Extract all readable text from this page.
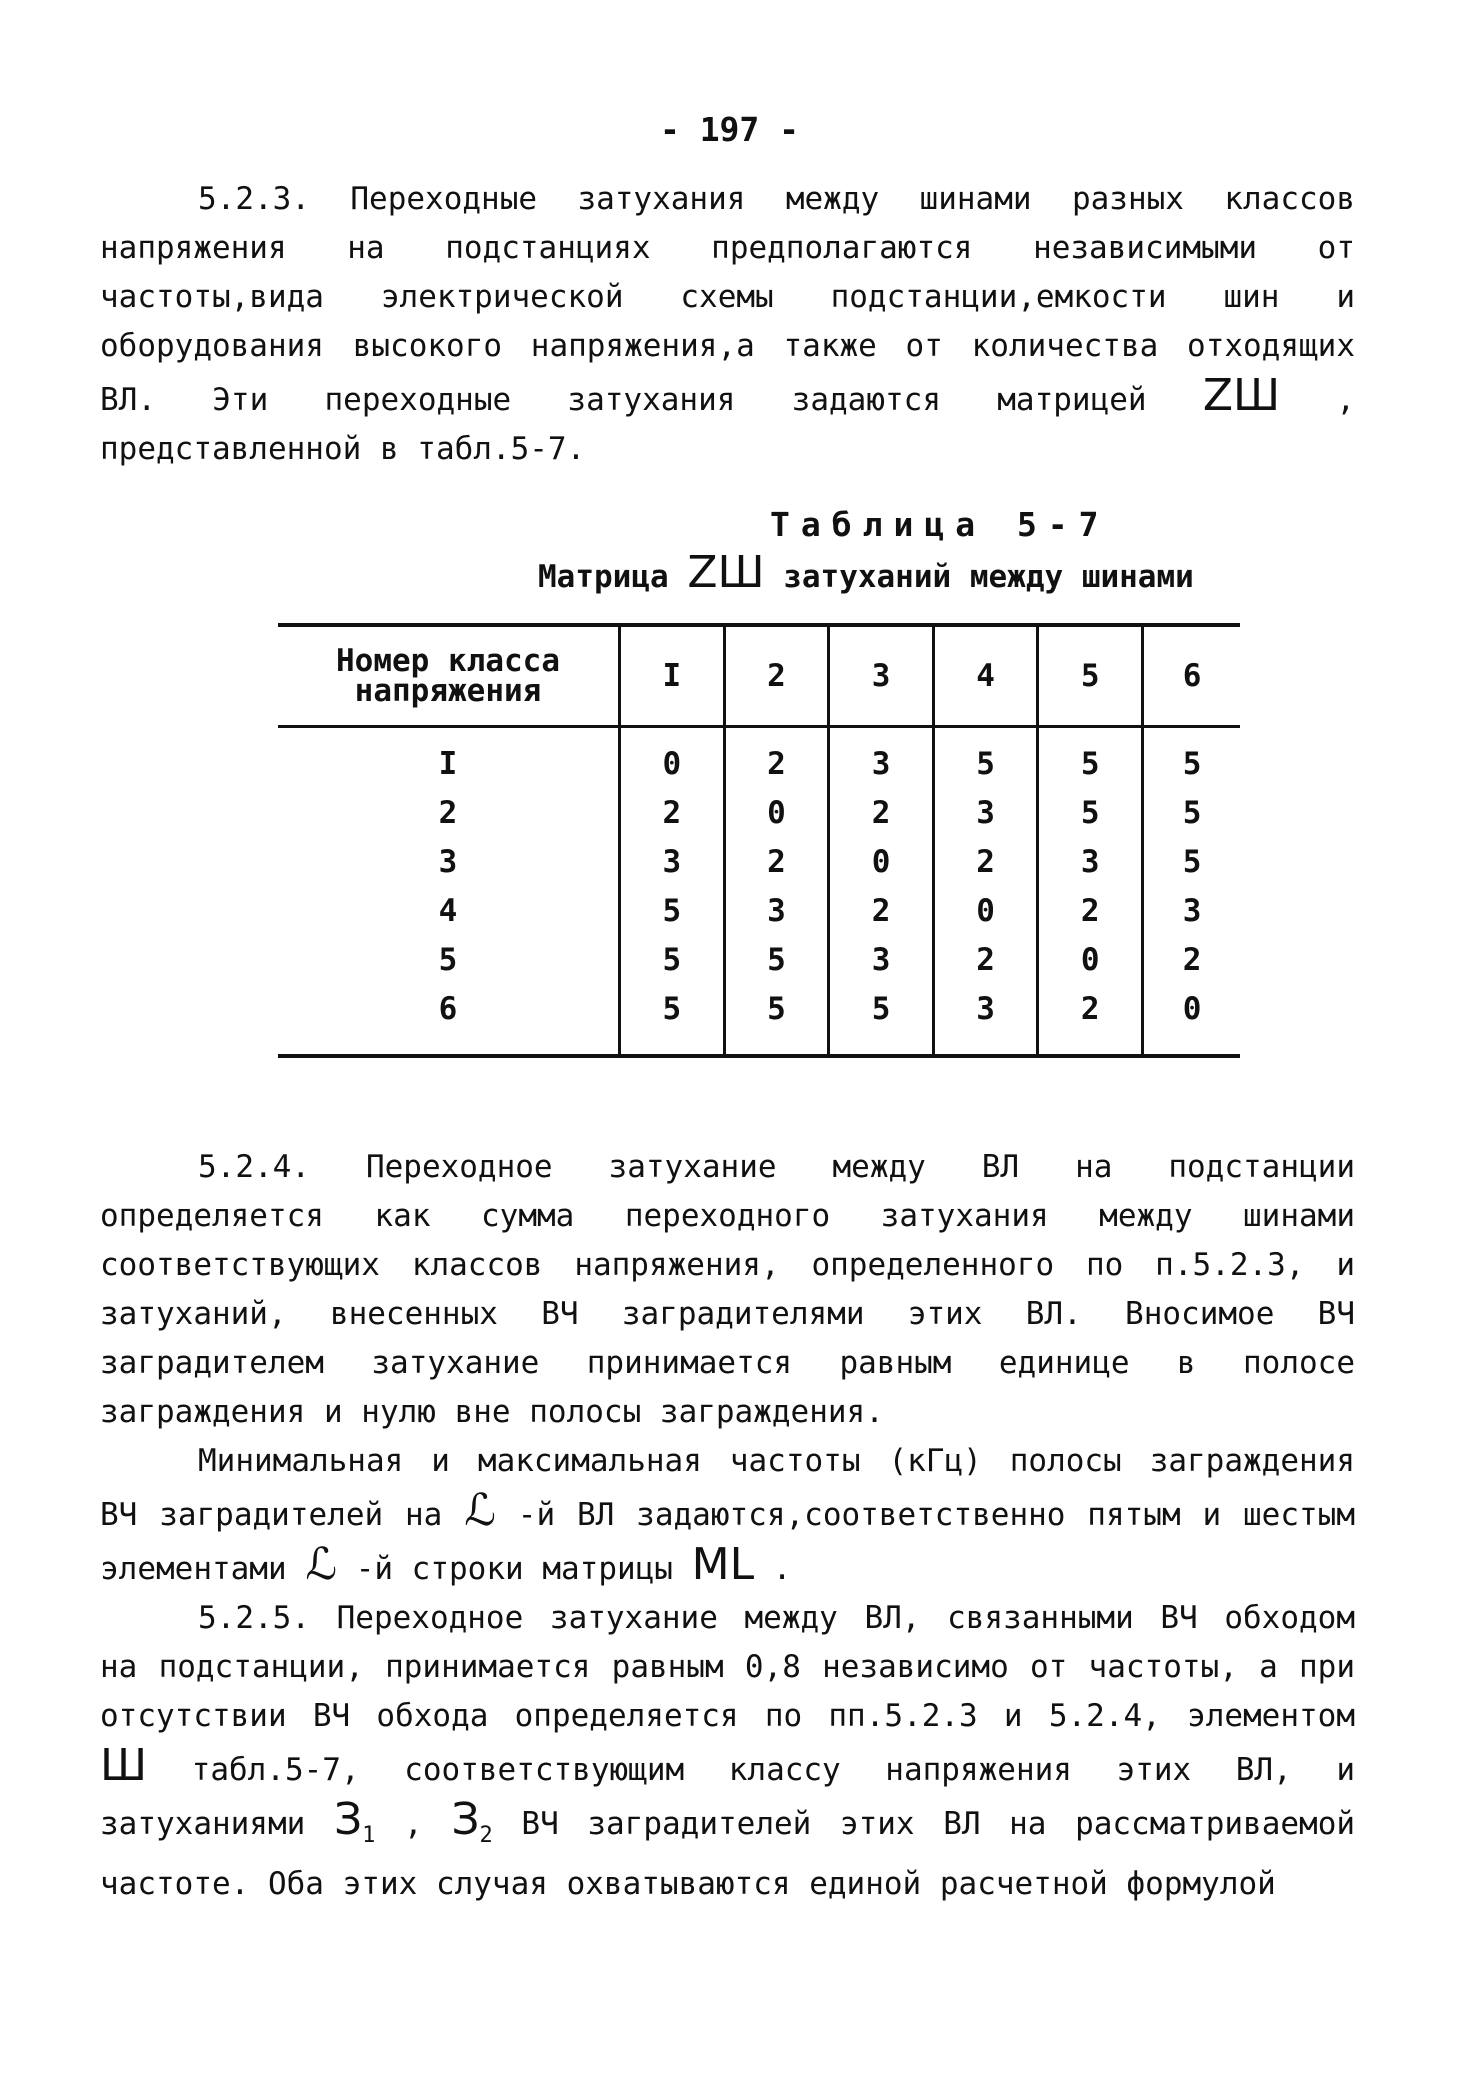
- 197 -

5.2.3. Переходные затухания между шинами разных классов напряжения на подстанциях предполагаются независимыми от частоты,вида электрической схемы подстанции,емкости шин и оборудования высокого напряжения,а также от количества отходящих ВЛ. Эти переходные затухания задаются матрицей ZШ , представленной в табл.5-7.

Таблица 5-7
Матрица ZШ затуханий между шинами
Номер класса напряжения	I	2	3	4	5	6
I	0	2	3	5	5	5
2	2	0	2	3	5	5
3	3	2	0	2	3	5
4	5	3	2	0	2	3
5	5	5	3	2	0	2
6	5	5	5	3	2	0

5.2.4. Переходное затухание между ВЛ на подстанции определяется как сумма переходного затухания между шинами соответствующих классов напряжения, определенного по п.5.2.3, и затуханий, внесенных ВЧ заградителями этих ВЛ. Вносимое ВЧ заградителем затухание принимается равным единице в полосе заграждения и нулю вне полосы заграждения.

Минимальная и максимальная частоты (кГц) полосы заграждения ВЧ заградителей на ℒ -й ВЛ задаются,соответственно пятым и шестым элементами ℒ -й строки матрицы ML .

5.2.5. Переходное затухание между ВЛ, связанными ВЧ обходом на подстанции, принимается равным 0,8 независимо от частоты, а при отсутствии ВЧ обхода определяется по пп.5.2.3 и 5.2.4, элементом Ш табл.5-7, соответствующим классу напряжения этих ВЛ, и затуханиями $З_1$ , $З_2$ ВЧ заградителей этих ВЛ на рассматриваемой частоте. Оба этих случая охватываются единой расчетной формулой
